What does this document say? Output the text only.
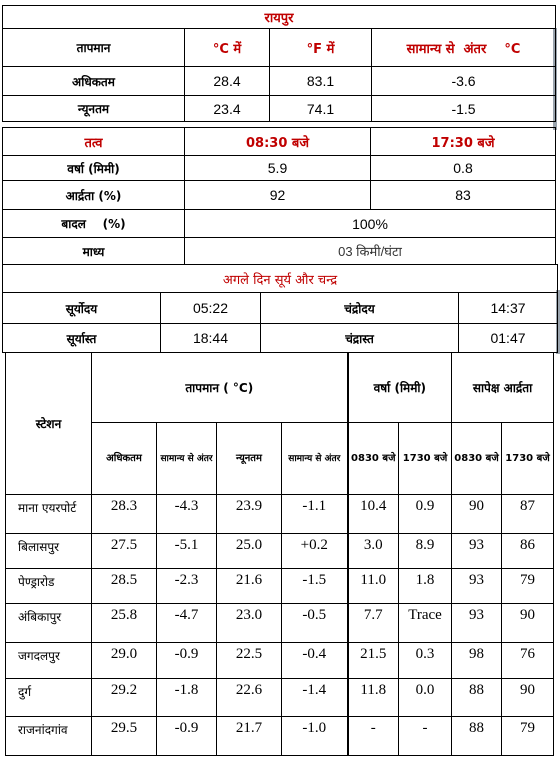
रायपुर			
तापमान	°C में	°F में	सामान्य से  अंतर    °C
अधिकतम	28.4	83.1	-3.6
न्यूनतम	23.4	74.1	-1.5
तत्व	08:30 बजे	17:30 बजे
वर्षा (मिमी)	5.9	0.8
आर्द्रता (%)	92	83
बादल    (%)	100%	
माध्य	03 किमी/घंटा	
अगले दिन सूर्य और चन्द्र			
सूर्योदय	05:22	चंद्रोदय	14:37
सूर्यास्त	18:44	चंद्रास्त	01:47
स्टेशन	तापमान ( °C)				वर्षा (मिमी)		सापेक्ष आर्द्रता	
	अधिकतम	सामान्य से अंतर	न्यूनतम	सामान्य से अंतर	0830 बजे	1730 बजे	0830 बजे	1730 बजे
माना एयरपोर्ट	28.3	-4.3	23.9	-1.1	10.4	0.9	90	87
बिलासपुर	27.5	-5.1	25.0	+0.2	3.0	8.9	93	86
पेण्ड्रारोड	28.5	-2.3	21.6	-1.5	11.0	1.8	93	79
अंबिकापुर	25.8	-4.7	23.0	-0.5	7.7	Trace	93	90
जगदलपुर	29.0	-0.9	22.5	-0.4	21.5	0.3	98	76
दुर्ग	29.2	-1.8	22.6	-1.4	11.8	0.0	88	90
राजनांदगांव	29.5	-0.9	21.7	-1.0	-	-	88	79
